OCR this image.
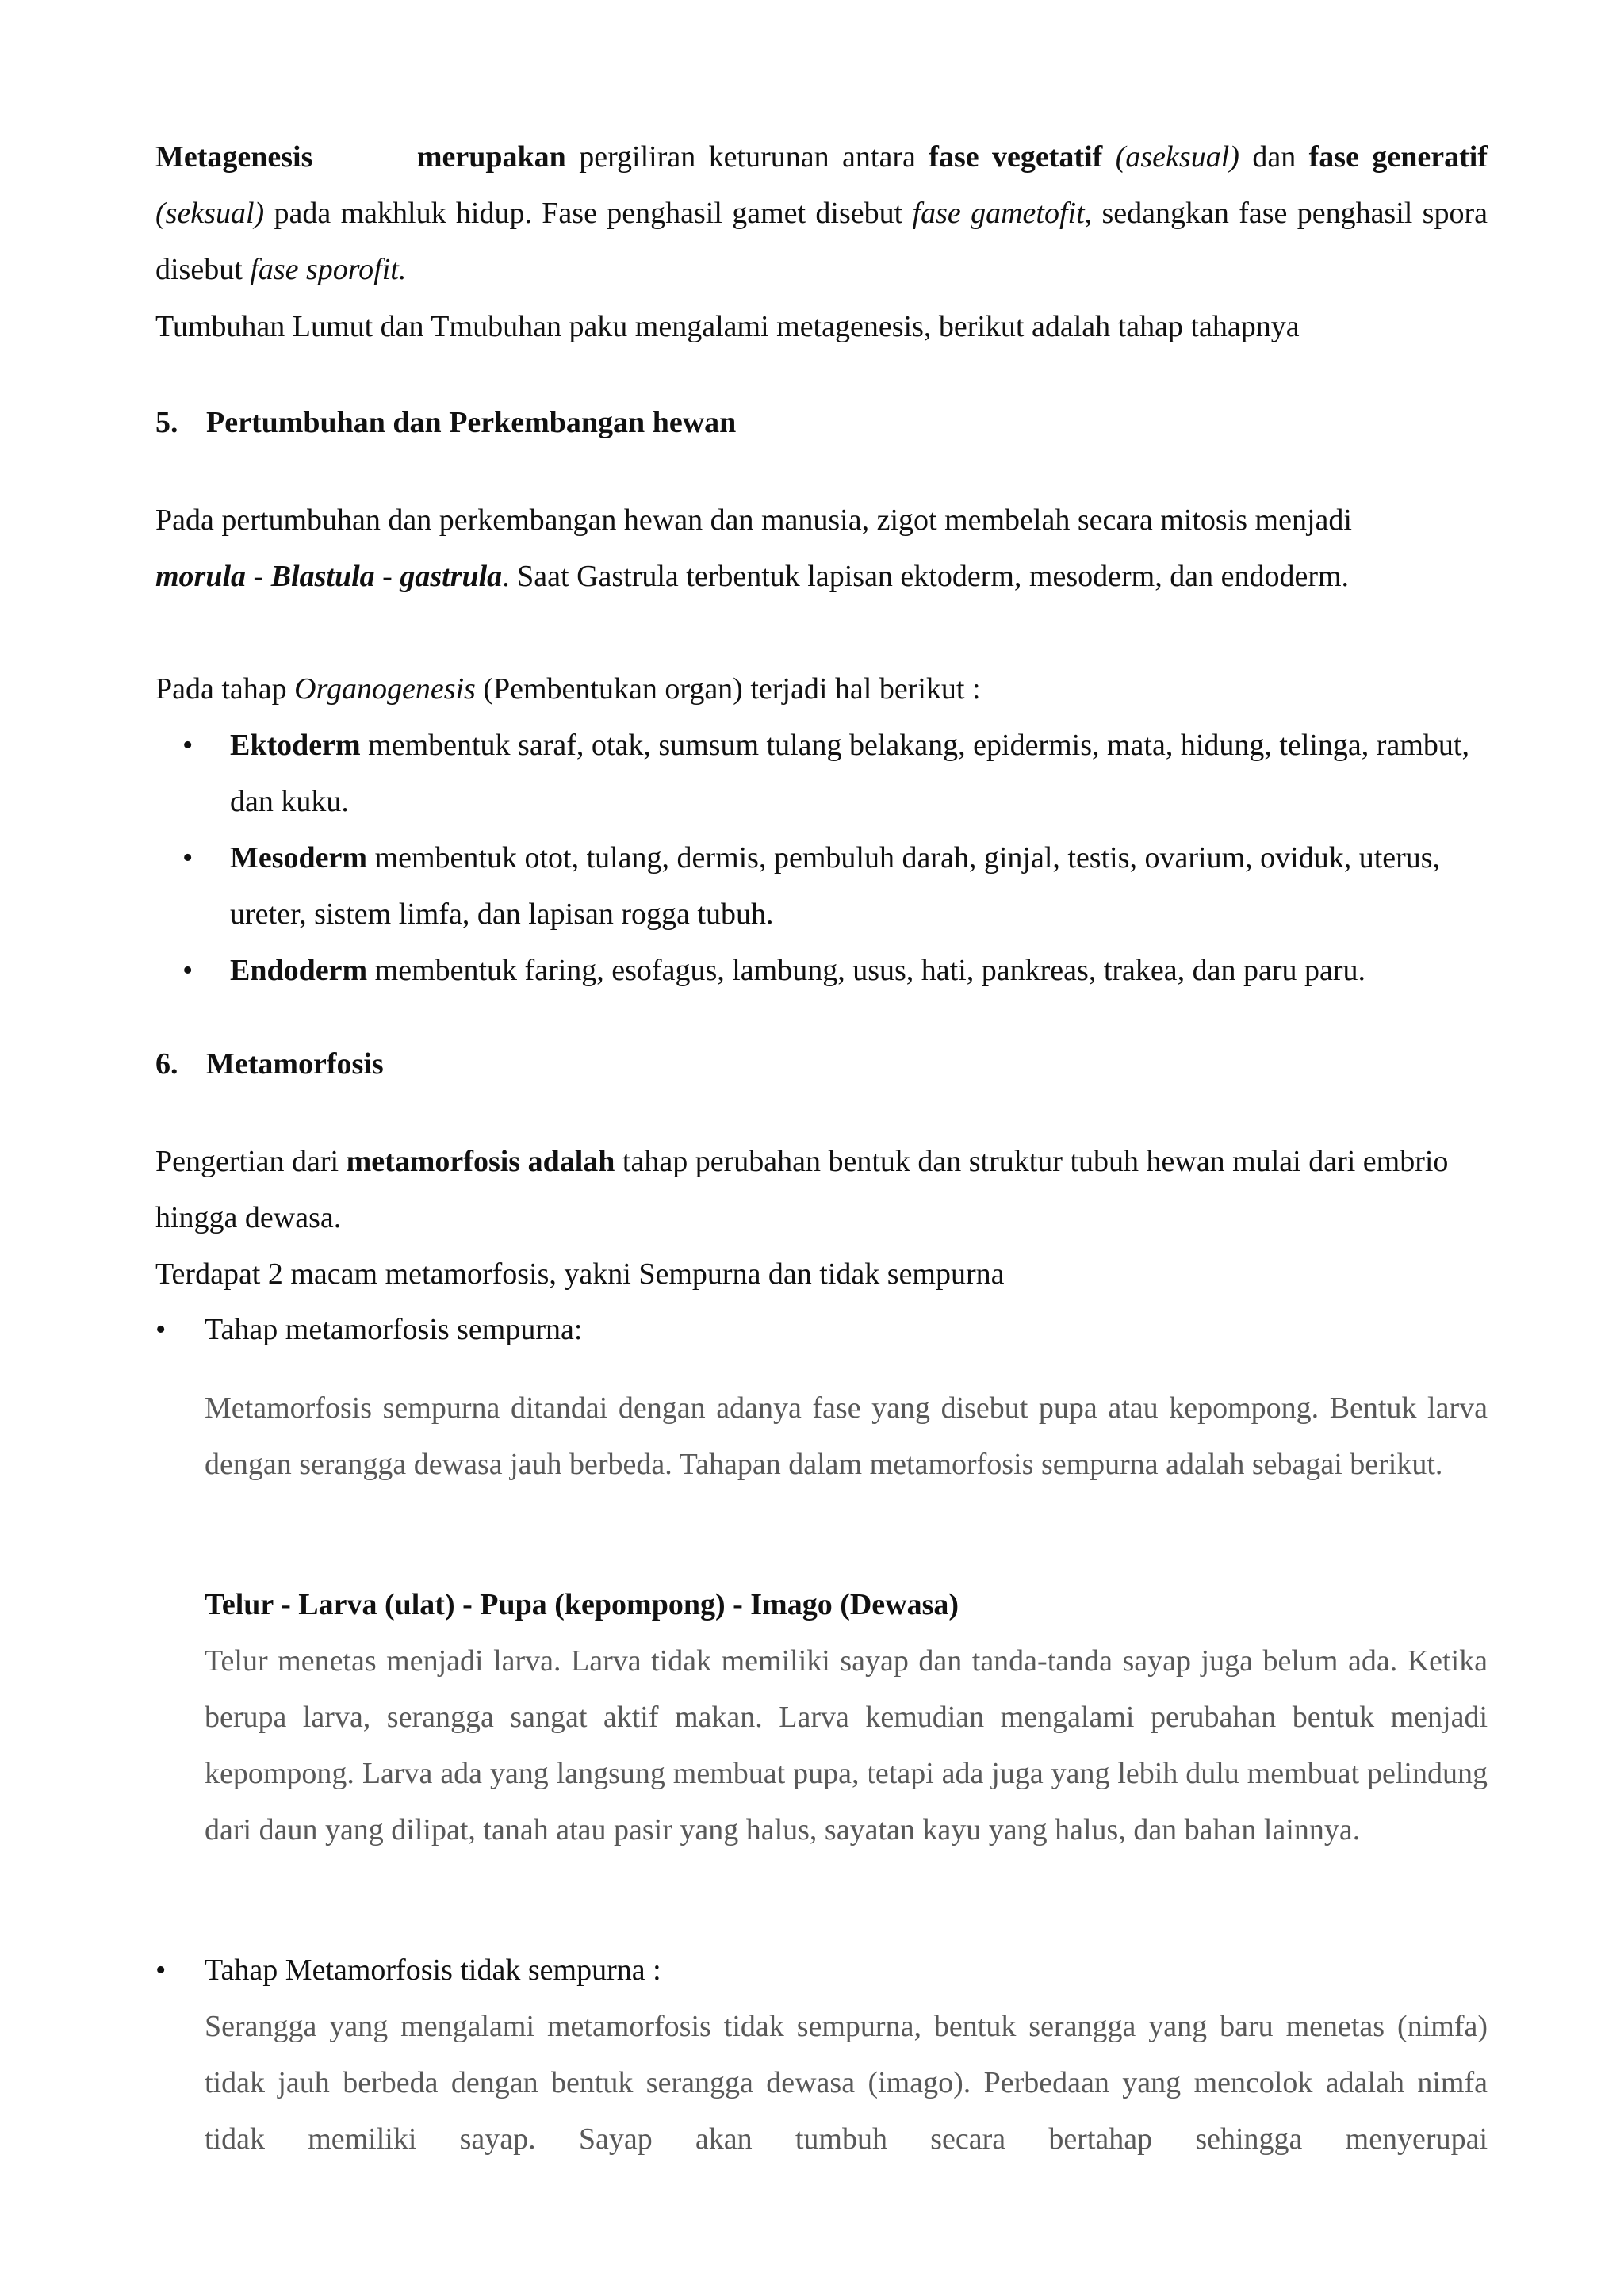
Metagenesis	merupakan pergiliran keturunan antara fase vegetatif (aseksual) dan fase generatif (seksual) pada makhluk hidup. Fase penghasil gamet disebut fase gametofit, sedangkan fase penghasil spora disebut fase sporofit.

Tumbuhan Lumut dan Tmubuhan paku mengalami metagenesis, berikut adalah tahap tahapnya

5. Pertumbuhan dan Perkembangan hewan

Pada pertumbuhan dan perkembangan hewan dan manusia, zigot membelah secara mitosis menjadi morula - Blastula - gastrula. Saat Gastrula terbentuk lapisan ektoderm, mesoderm, dan endoderm.

Pada tahap Organogenesis (Pembentukan organ) terjadi hal berikut :

• Ektoderm membentuk saraf, otak, sumsum tulang belakang, epidermis, mata, hidung, telinga, rambut, dan kuku.
• Mesoderm membentuk otot, tulang, dermis, pembuluh darah, ginjal, testis, ovarium, oviduk, uterus, ureter, sistem limfa, dan lapisan rogga tubuh.
• Endoderm membentuk faring, esofagus, lambung, usus, hati, pankreas, trakea, dan paru paru.

6. Metamorfosis

Pengertian dari metamorfosis adalah tahap perubahan bentuk dan struktur tubuh hewan mulai dari embrio hingga dewasa.

Terdapat 2 macam metamorfosis, yakni Sempurna dan tidak sempurna

• Tahap metamorfosis sempurna:

Metamorfosis sempurna ditandai dengan adanya fase yang disebut pupa atau kepompong. Bentuk larva dengan serangga dewasa jauh berbeda. Tahapan dalam metamorfosis sempurna adalah sebagai berikut.

Telur - Larva (ulat) - Pupa (kepompong) - Imago (Dewasa)

Telur menetas menjadi larva. Larva tidak memiliki sayap dan tanda-tanda sayap juga belum ada. Ketika berupa larva, serangga sangat aktif makan. Larva kemudian mengalami perubahan bentuk menjadi kepompong. Larva ada yang langsung membuat pupa, tetapi ada juga yang lebih dulu membuat pelindung dari daun yang dilipat, tanah atau pasir yang halus, sayatan kayu yang halus, dan bahan lainnya.

• Tahap Metamorfosis tidak sempurna :

Serangga yang mengalami metamorfosis tidak sempurna, bentuk serangga yang baru menetas (nimfa) tidak jauh berbeda dengan bentuk serangga dewasa (imago). Perbedaan yang mencolok adalah nimfa tidak memiliki sayap. Sayap akan tumbuh secara bertahap sehingga menyerupai
